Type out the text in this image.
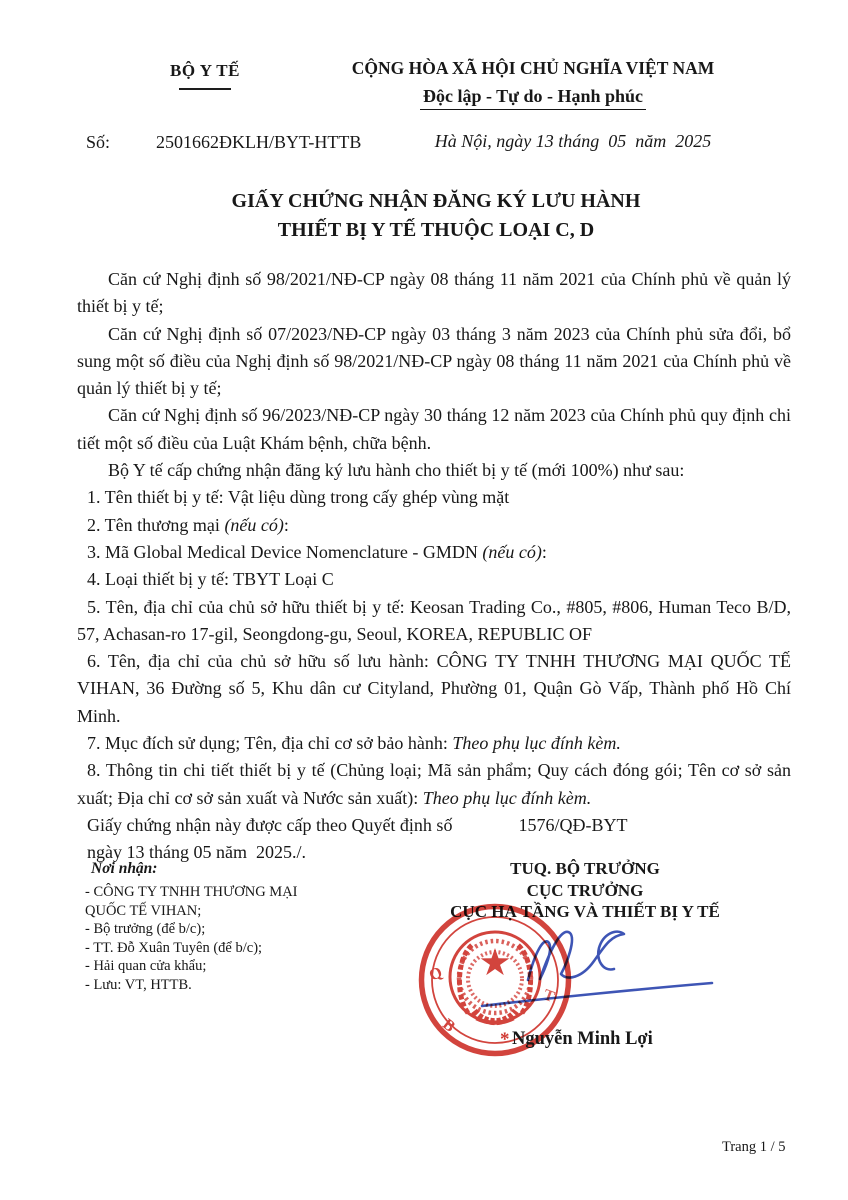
BỘ Y TẾ	CỘNG HÒA XÃ HỘI CHỦ NGHĨA VIỆT NAM
Độc lập - Tự do - Hạnh phúc
Số:	2501662ĐKLH/BYT-HTTB	Hà Nội, ngày 13 tháng  05  năm  2025
GIẤY CHỨNG NHẬN ĐĂNG KÝ LƯU HÀNH
THIẾT BỊ Y TẾ THUỘC LOẠI C, D

Căn cứ Nghị định số 98/2021/NĐ-CP ngày 08 tháng 11 năm 2021 của Chính phủ về quản lý thiết bị y tế;

Căn cứ Nghị định số 07/2023/NĐ-CP ngày 03 tháng 3 năm 2023 của Chính phủ sửa đổi, bổ sung một số điều của Nghị định số 98/2021/NĐ-CP ngày 08 tháng 11 năm 2021 của Chính phủ về quản lý thiết bị y tế;

Căn cứ Nghị định số 96/2023/NĐ-CP ngày 30 tháng 12 năm 2023 của Chính phủ quy định chi tiết một số điều của Luật Khám bệnh, chữa bệnh.

Bộ Y tế cấp chứng nhận đăng ký lưu hành cho thiết bị y tế (mới 100%) như sau:

1. Tên thiết bị y tế: Vật liệu dùng trong cấy ghép vùng mặt

2. Tên thương mại (nếu có):

3. Mã Global Medical Device Nomenclature - GMDN (nếu có):

4. Loại thiết bị y tế: TBYT Loại C

5. Tên, địa chỉ của chủ sở hữu thiết bị y tế: Keosan Trading Co., #805, #806, Human Teco B/D, 57, Achasan-ro 17-gil, Seongdong-gu, Seoul, KOREA, REPUBLIC OF

6. Tên, địa chỉ của chủ sở hữu số lưu hành: CÔNG TY TNHH THƯƠNG MẠI QUỐC TẾ VIHAN, 36 Đường số 5, Khu dân cư Cityland, Phường 01, Quận Gò Vấp, Thành phố Hồ Chí Minh.

7. Mục đích sử dụng; Tên, địa chỉ cơ sở bảo hành: Theo phụ lục đính kèm.

8. Thông tin chi tiết thiết bị y tế (Chủng loại; Mã sản phẩm; Quy cách đóng gói; Tên cơ sở sản xuất; Địa chỉ cơ sở sản xuất và Nước sản xuất): Theo phụ lục đính kèm.

Giấy chứng nhận này được cấp theo Quyết định số	1576/QĐ-BYT

ngày 13 tháng 05 năm  2025./.

Nơi nhận:
- CÔNG TY TNHH THƯƠNG MẠI QUỐC TẾ VIHAN;
- Bộ trưởng (để b/c);
- TT. Đỗ Xuân Tuyên (để b/c);
- Hải quan cửa khẩu;
- Lưu: VT, HTTB.
TUQ. BỘ TRƯỞNG
CỤC TRƯỞNG
CỤC HẠ TẦNG VÀ THIẾT BỊ Y TẾ
Q
B
T
* Nguyễn Minh Lợi
Trang 1 / 5
